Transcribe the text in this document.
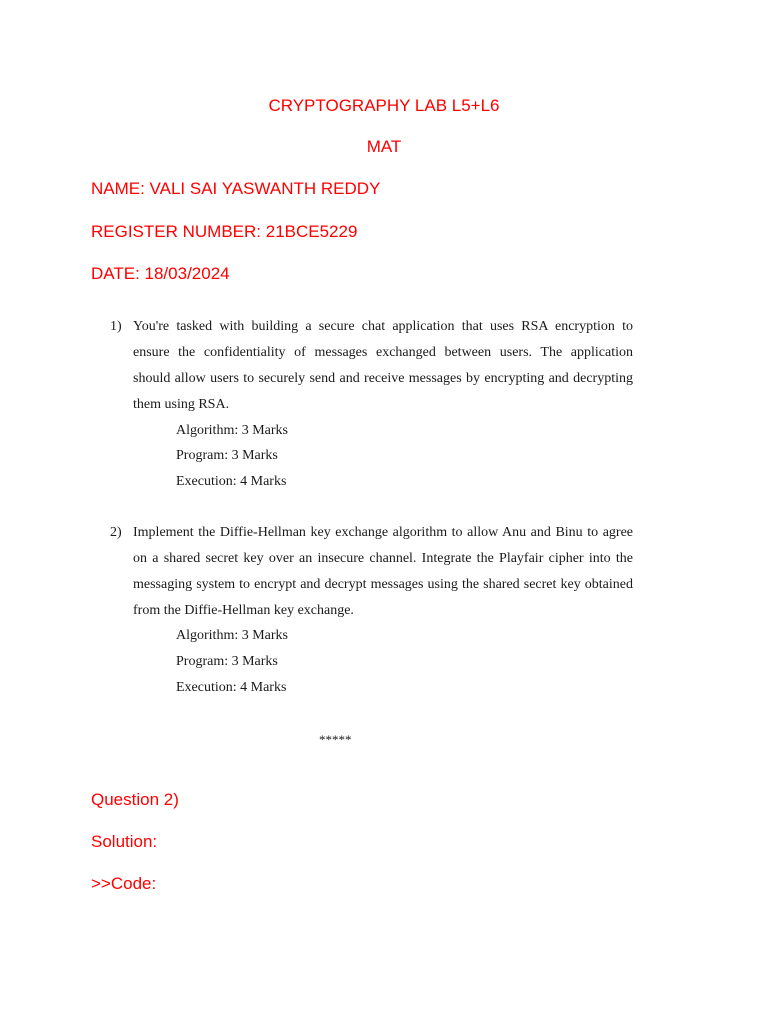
CRYPTOGRAPHY LAB L5+L6
MAT
NAME: VALI SAI YASWANTH REDDY
REGISTER NUMBER: 21BCE5229
DATE: 18/03/2024
1) You're tasked with building a secure chat application that uses RSA encryption to
ensure the confidentiality of messages exchanged between users. The application
should allow users to securely send and receive messages by encrypting and decrypting
them using RSA.
Algorithm: 3 Marks
Program: 3 Marks
Execution: 4 Marks
2) Implement the Diffie-Hellman key exchange algorithm to allow Anu and Binu to agree
on a shared secret key over an insecure channel. Integrate the Playfair cipher into the
messaging system to encrypt and decrypt messages using the shared secret key obtained
from the Diffie-Hellman key exchange.
Algorithm: 3 Marks
Program: 3 Marks
Execution: 4 Marks
*****
Question 2)
Solution:
>>Code:
